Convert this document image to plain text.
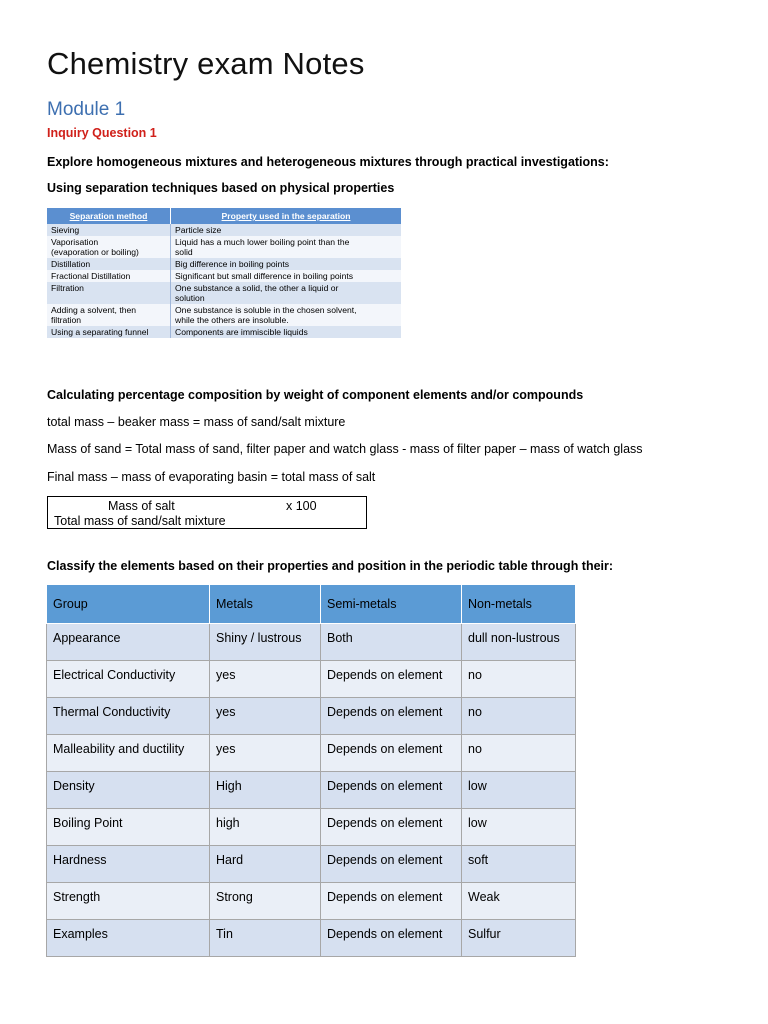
Chemistry exam Notes
Module 1
Inquiry Question 1
Explore homogeneous mixtures and heterogeneous mixtures through practical investigations:
Using separation techniques based on physical properties
Separation method	Property used in the separation
Sieving	Particle size
Vaporisation
(evaporation or boiling)	Liquid has a much lower boiling point than the
solid
Distillation	Big difference in boiling points
Fractional Distillation	Significant but small difference in boiling points
Filtration	One substance a solid, the other a liquid or
solution
Adding a solvent, then
filtration	One substance is soluble in the chosen solvent,
while the others are insoluble.
Using a separating funnel	Components are immiscible liquids
Calculating percentage composition by weight of component elements and/or compounds
total mass – beaker mass = mass of sand/salt mixture
Mass of sand = Total mass of sand, filter paper and watch glass - mass of filter paper – mass of watch glass
Final mass – mass of evaporating basin = total mass of salt
Mass of salt	x 100
Total mass of sand/salt mixture
Classify the elements based on their properties and position in the periodic table through their:
Group	Metals	Semi-metals	Non-metals
Appearance	Shiny / lustrous	Both	dull non-lustrous
Electrical Conductivity	yes	Depends on element	no
Thermal Conductivity	yes	Depends on element	no
Malleability and ductility	yes	Depends on element	no
Density	High	Depends on element	low
Boiling Point	high	Depends on element	low
Hardness	Hard	Depends on element	soft
Strength	Strong	Depends on element	Weak
Examples	Tin	Depends on element	Sulfur
